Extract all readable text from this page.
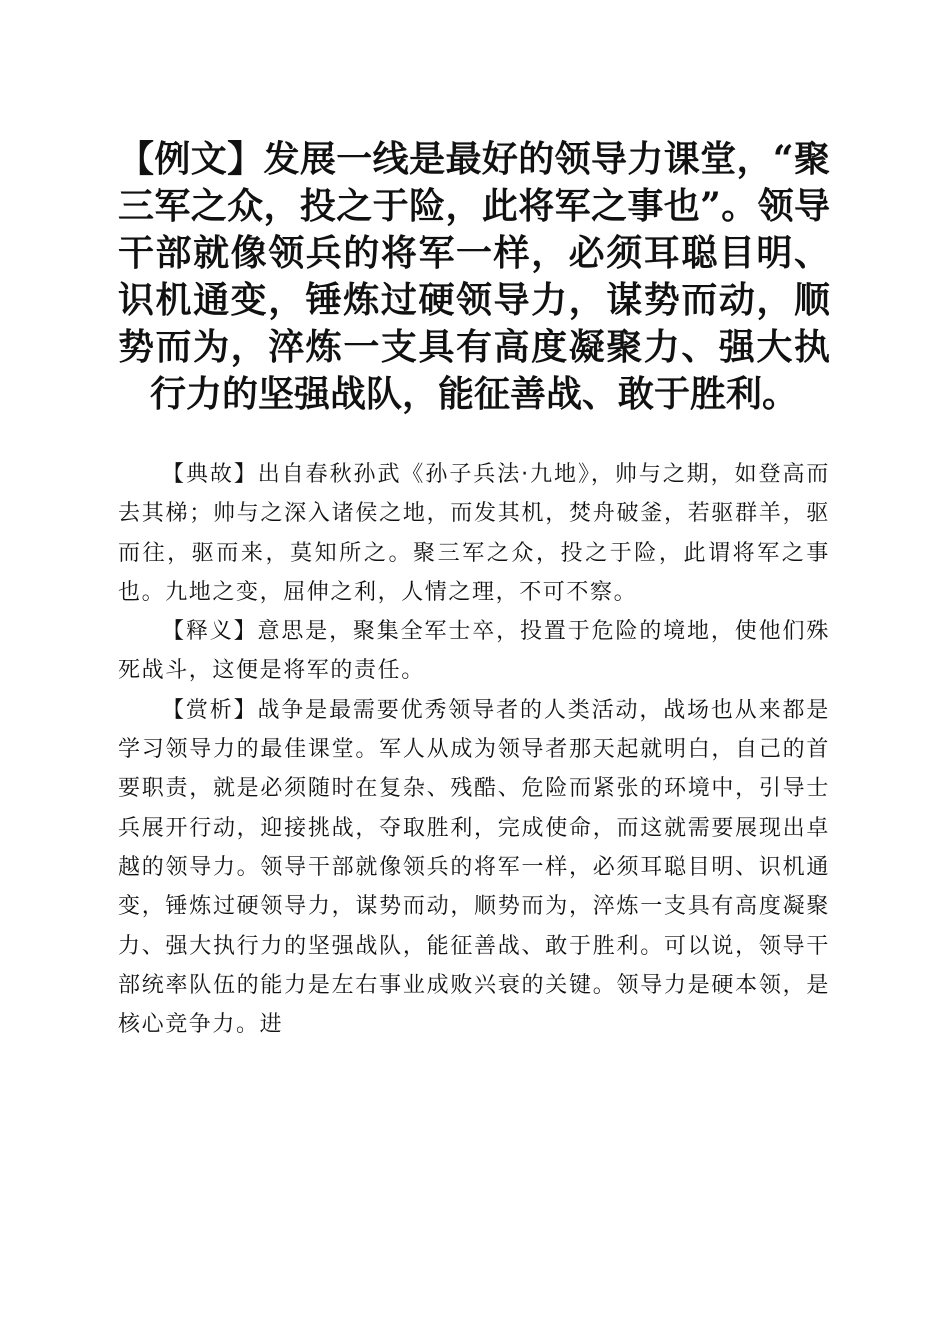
【例文】发展一线是最好的领导力课堂，“聚三军之众，投之于险，此将军之事也”。领导干部就像领兵的将军一样，必须耳聪目明、识机通变，锤炼过硬领导力，谋势而动，顺势而为，淬炼一支具有高度凝聚力、强大执行力的坚强战队，能征善战、敢于胜利。

【典故】出自春秋孙武《孙子兵法·九地》，帅与之期，如登高而去其梯；帅与之深入诸侯之地，而发其机，焚舟破釜，若驱群羊，驱而往，驱而来，莫知所之。聚三军之众，投之于险，此谓将军之事也。九地之变，屈伸之利，人情之理，不可不察。

【释义】意思是，聚集全军士卒，投置于危险的境地，使他们殊死战斗，这便是将军的责任。

【赏析】战争是最需要优秀领导者的人类活动，战场也从来都是学习领导力的最佳课堂。军人从成为领导者那天起就明白，自己的首要职责，就是必须随时在复杂、残酷、危险而紧张的环境中，引导士兵展开行动，迎接挑战，夺取胜利，完成使命，而这就需要展现出卓越的领导力。领导干部就像领兵的将军一样，必须耳聪目明、识机通变，锤炼过硬领导力，谋势而动，顺势而为，淬炼一支具有高度凝聚力、强大执行力的坚强战队，能征善战、敢于胜利。可以说，领导干部统率队伍的能力是左右事业成败兴衰的关键。领导力是硬本领，是核心竞争力。进
